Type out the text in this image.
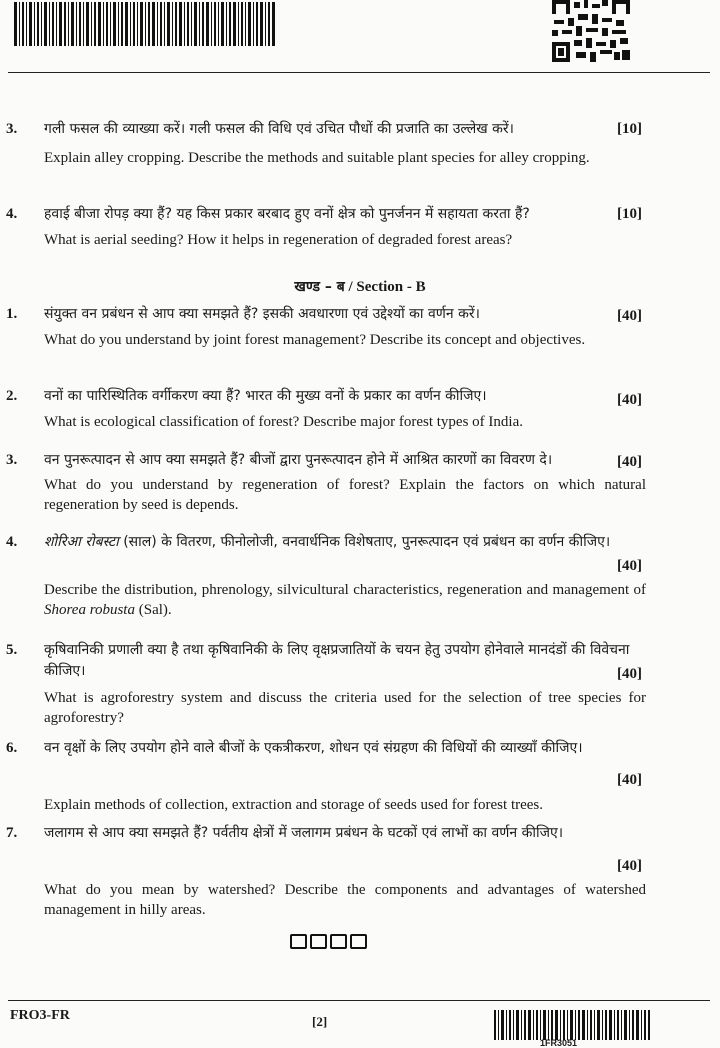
3. गली फसल की व्याख्या करें। गली फसल की विधि एवं उचित पौधों की प्रजाति का उल्लेख करें।	[10]
Explain alley cropping. Describe the methods and suitable plant species for alley cropping.
4. हवाई बीजा रोपड़ क्या हैं? यह किस प्रकार बरबाद हुए वनों क्षेत्र को पुनर्जनन में सहायता करता हैं?	[10]
What is aerial seeding? How it helps in regeneration of degraded forest areas?
खण्ड – ब / Section - B
1. संयुक्त वन प्रबंधन से आप क्या समझते हैं? इसकी अवधारणा एवं उद्देश्यों का वर्णन करें।	[40]
What do you understand by joint forest management? Describe its concept and objectives.
2. वनों का पारिस्थितिक वर्गीकरण क्या हैं? भारत की मुख्य वनों के प्रकार का वर्णन कीजिए।	[40]
What is ecological classification of forest? Describe major forest types of India.
3. वन पुनरूत्पादन से आप क्या समझते हैं? बीजों द्वारा पुनरूत्पादन होने में आश्रित कारणों का विवरण दे।	[40]
What do you understand by regeneration of forest? Explain the factors on which natural regeneration by seed is depends.
4. शोरिआ रोबस्टा (साल) के वितरण, फीनोलोजी, वनवार्धनिक विशेषताए, पुनरूत्पादन एवं प्रबंधन का वर्णन कीजिए।
[40]
Describe the distribution, phrenology, silvicultural characteristics, regeneration and management of Shorea robusta (Sal).
5. कृषिवानिकी प्रणाली क्या है तथा कृषिवानिकी के लिए वृक्षप्रजातियों के चयन हेतु उपयोग होनेवाले मानदंडों की विवेचना कीजिए।	[40]
What is agroforestry system and discuss the criteria used for the selection of tree species for agroforestry?
6. वन वृक्षों के लिए उपयोग होने वाले बीजों के एकत्रीकरण, शोधन एवं संग्रहण की विधियों की व्याख्याँ कीजिए।
[40]
Explain methods of collection, extraction and storage of seeds used for forest trees.
7. जलागम से आप क्या समझते हैं? पर्वतीय क्षेत्रों में जलागम प्रबंधन के घटकों एवं लाभों का वर्णन कीजिए।
[40]
What do you mean by watershed? Describe the components and advantages of watershed management in hilly areas.
FRO3-FR	[2]
1FR3051
